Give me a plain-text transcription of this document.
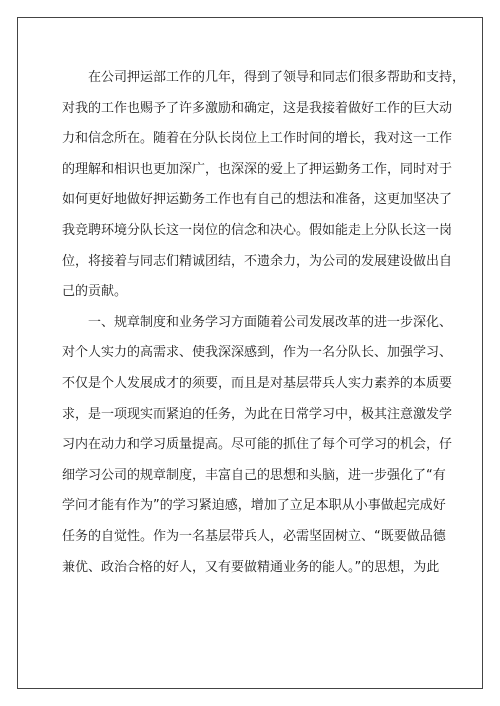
在公司押运部工作的几年，得到了领导和同志们很多帮助和支持，
对我的工作也赐予了许多激励和确定，这是我接着做好工作的巨大动
力和信念所在。随着在分队长岗位上工作时间的增长，我对这一工作
的理解和相识也更加深广，也深深的爱上了押运勤务工作，同时对于
如何更好地做好押运勤务工作也有自己的想法和准备，这更加坚决了
我竞聘环境分队长这一岗位的信念和决心。假如能走上分队长这一岗
位，将接着与同志们精诚团结，不遗余力，为公司的发展建设做出自
己的贡献。
一、规章制度和业务学习方面随着公司发展改革的进一步深化、
对个人实力的高需求、使我深深感到，作为一名分队长、加强学习、
不仅是个人发展成才的须要，而且是对基层带兵人实力素养的本质要
求，是一项现实而紧迫的任务，为此在日常学习中，极其注意激发学
习内在动力和学习质量提高。尽可能的抓住了每个可学习的机会，仔
细学习公司的规章制度，丰富自己的思想和头脑，进一步强化了“有
学问才能有作为”的学习紧迫感，增加了立足本职从小事做起完成好
任务的自觉性。作为一名基层带兵人，必需坚固树立、“既要做品德
兼优、政治合格的好人，又有要做精通业务的能人。”的思想，为此
